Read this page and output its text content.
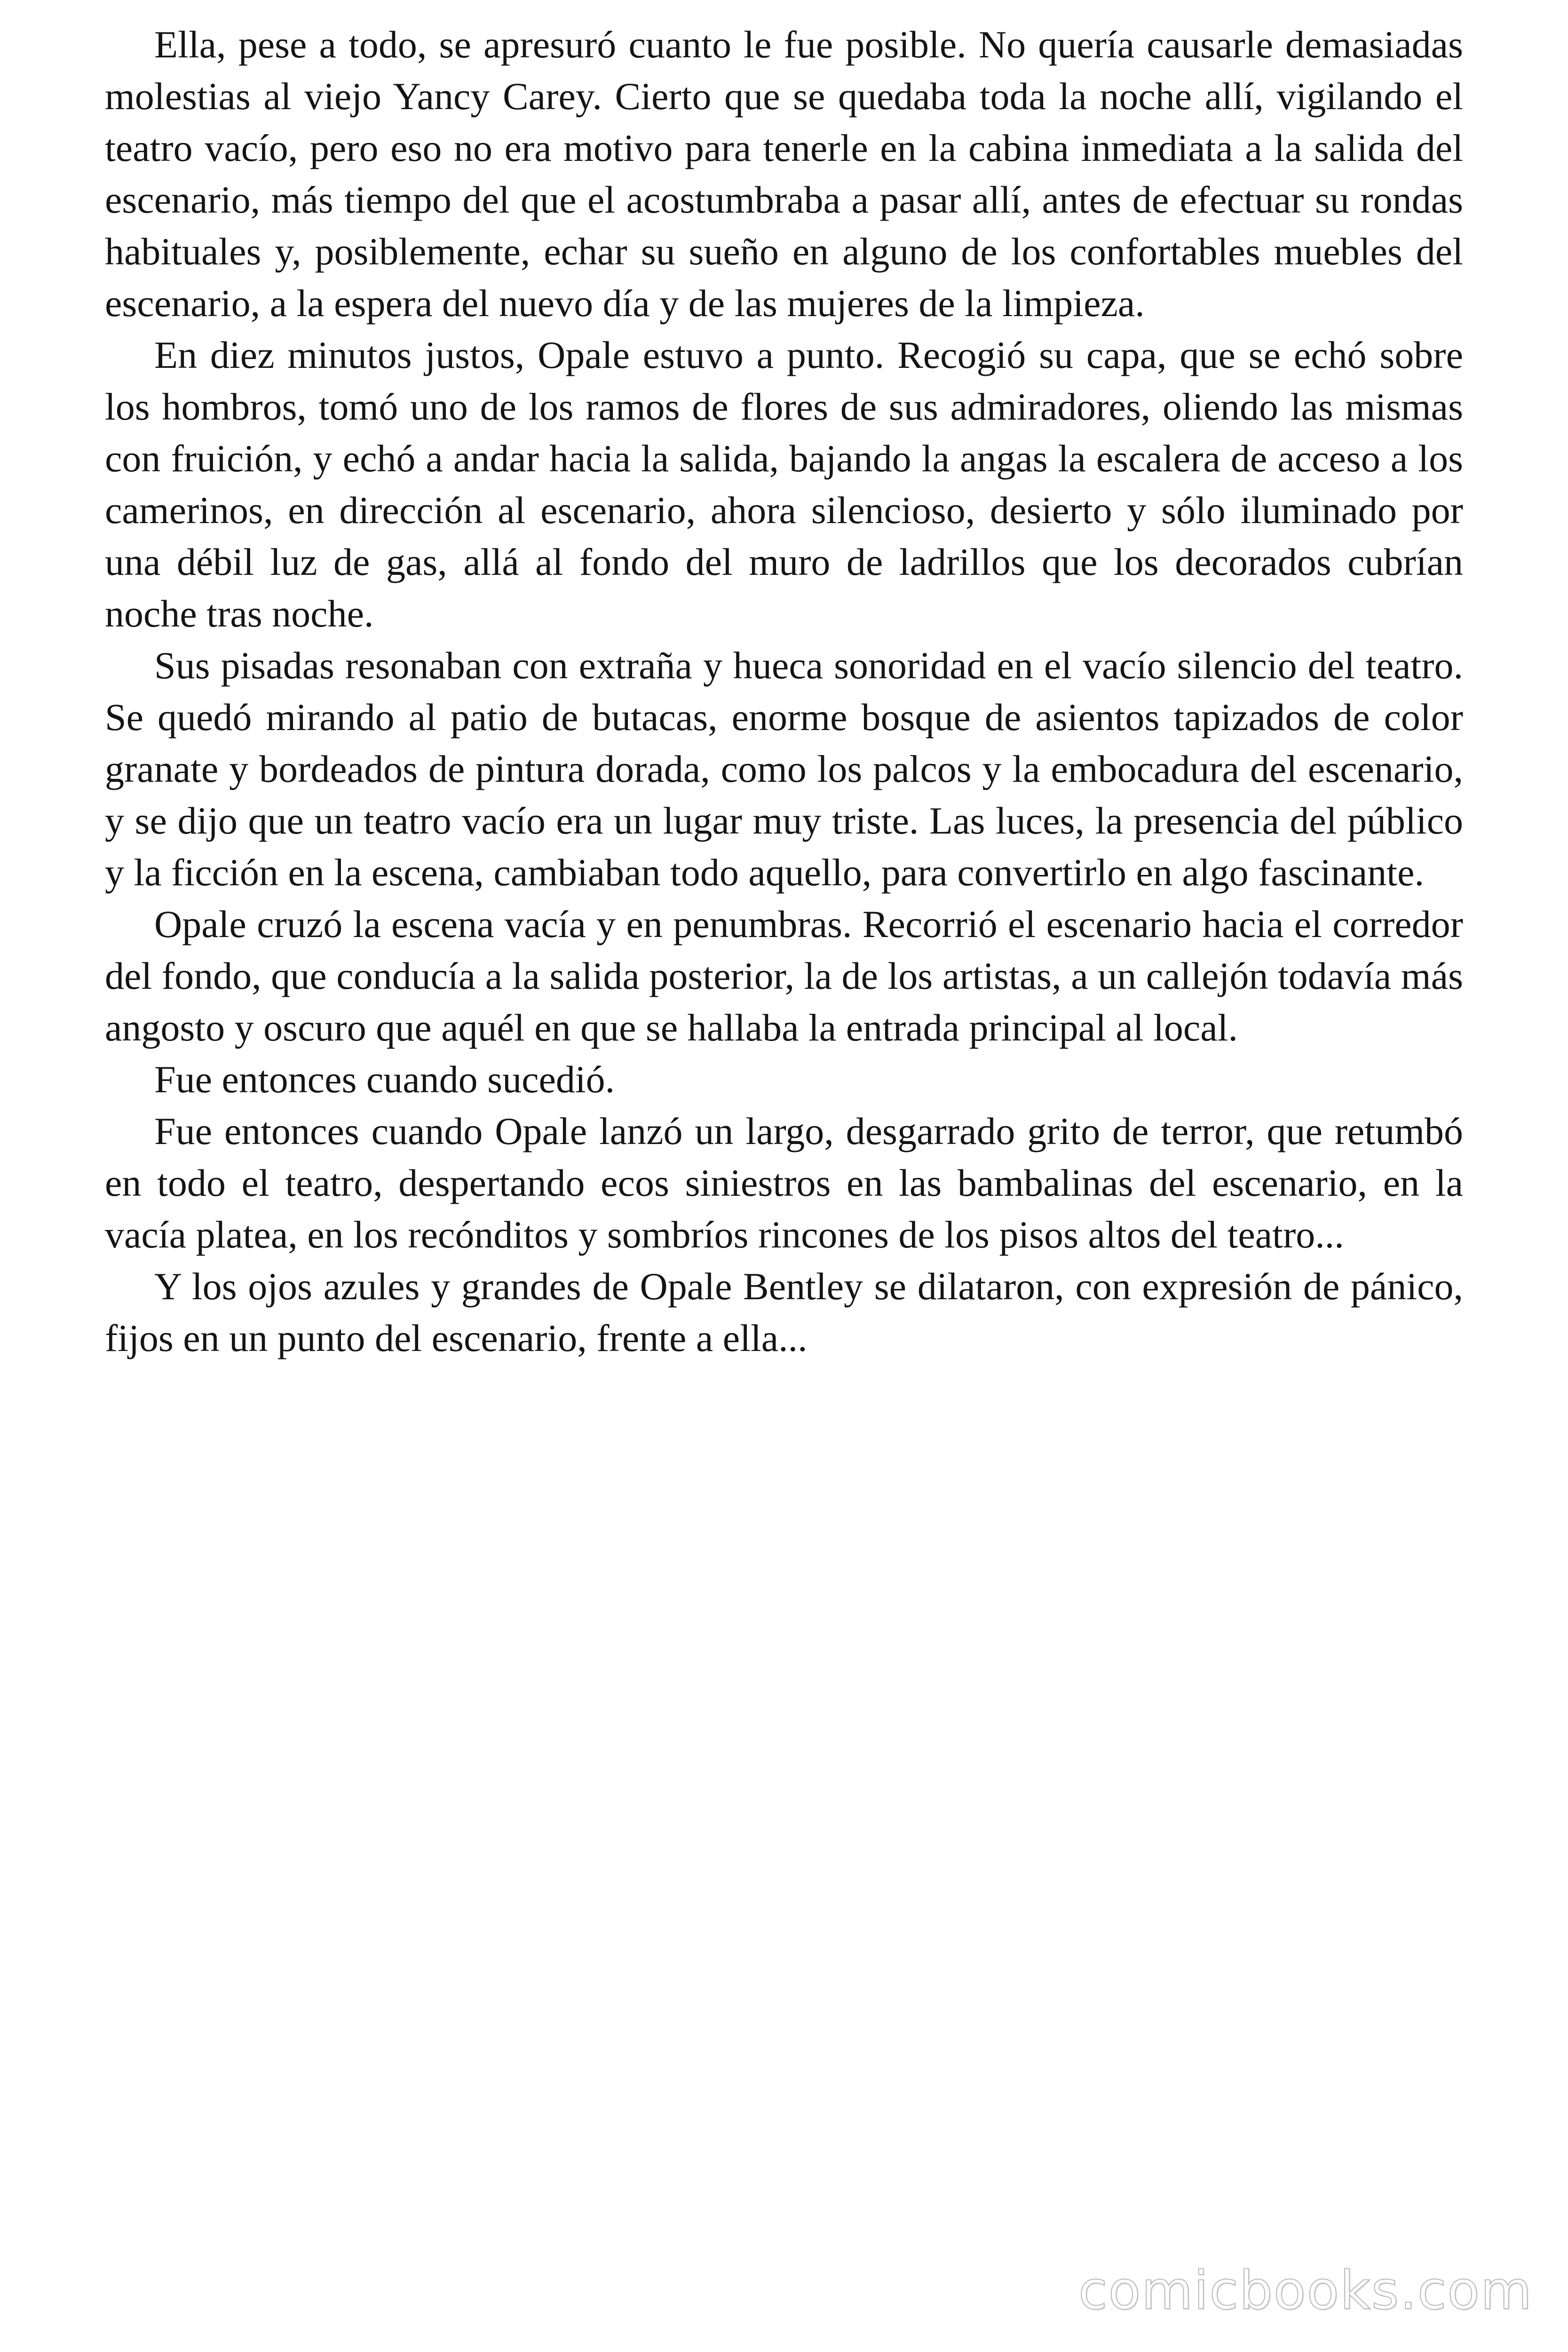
Ella, pese a todo, se apresuró cuanto le fue posible. No quería causarle demasiadas molestias al viejo Yancy Carey. Cierto que se quedaba toda la noche allí, vigilando el teatro vacío, pero eso no era motivo para tenerle en la cabina inmediata a la salida del escenario, más tiempo del que el acostumbraba a pasar allí, antes de efectuar su rondas habituales y, posiblemente, echar su sueño en alguno de los confortables muebles del escenario, a la espera del nuevo día y de las mujeres de la limpieza.

En diez minutos justos, Opale estuvo a punto. Recogió su capa, que se echó sobre los hombros, tomó uno de los ramos de flores de sus admiradores, oliendo las mismas con fruición, y echó a andar hacia la salida, bajando la angas la escalera de acceso a los camerinos, en dirección al escenario, ahora silencioso, desierto y sólo iluminado por una débil luz de gas, allá al fondo del muro de ladrillos que los decorados cubrían noche tras noche.

Sus pisadas resonaban con extraña y hueca sonoridad en el vacío silencio del teatro. Se quedó mirando al patio de butacas, enorme bosque de asientos tapizados de color granate y bordeados de pintura dorada, como los palcos y la embocadura del escenario, y se dijo que un teatro vacío era un lugar muy triste. Las luces, la presencia del público y la ficción en la escena, cambiaban todo aquello, para convertirlo en algo fascinante.

Opale cruzó la escena vacía y en penumbras. Recorrió el escenario hacia el corredor del fondo, que conducía a la salida posterior, la de los artistas, a un callejón todavía más angosto y oscuro que aquél en que se hallaba la entrada principal al local.

Fue entonces cuando sucedió.

Fue entonces cuando Opale lanzó un largo, desgarrado grito de terror, que retumbó en todo el teatro, despertando ecos siniestros en las bambalinas del escenario, en la vacía platea, en los recónditos y sombríos rincones de los pisos altos del teatro...

Y los ojos azules y grandes de Opale Bentley se dilataron, con expresión de pánico, fijos en un punto del escenario, frente a ella...

comicbooks.com
